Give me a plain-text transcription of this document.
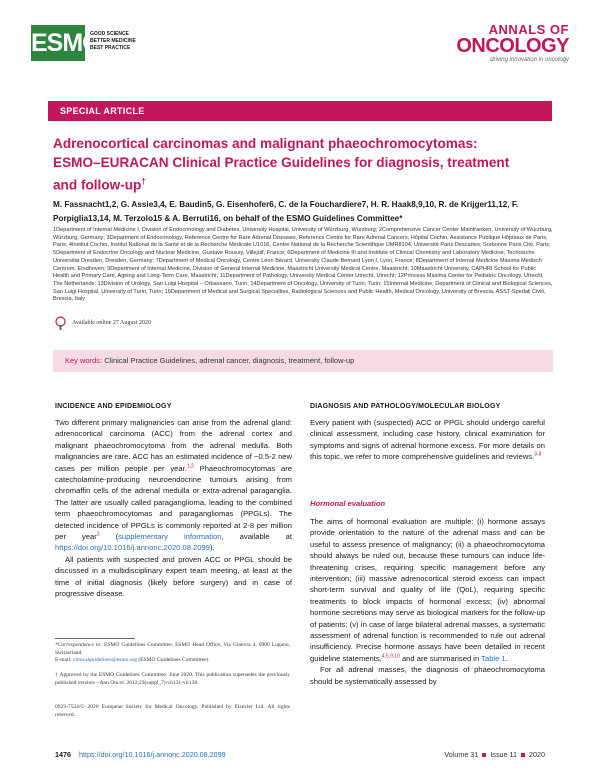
ESMO
GOOD SCIENCE
BETTER MEDICINE
BEST PRACTICE
ANNALS OF
ONCOLOGY
driving innovation in oncology
SPECIAL ARTICLE
Adrenocortical carcinomas and malignant phaeochromocytomas: ESMO–EURACAN Clinical Practice Guidelines for diagnosis, treatment and follow-up†
M. Fassnacht1,2, G. Assie3,4, E. Baudin5, G. Eisenhofer6, C. de la Fouchardiere7, H. R. Haak8,9,10, R. de Krijger11,12, F. Porpiglia13,14, M. Terzolo15 & A. Berruti16, on behalf of the ESMO Guidelines Committee*
1Department of Internal Medicine I, Division of Endocrinology and Diabetes, University Hospital, University of Würzburg, Würzburg; 2Comprehensive Cancer Center Mainfranken, University of Würzburg, Würzburg, Germany; 3Department of Endocrinology, Reference Centre for Rare Adrenal Diseases, Reference Centre for Rare Adrenal Cancers, Hôpital Cochin, Assistance Publique Hôpitaux de Paris, Paris; 4Institut Cochin, Institut National de la Santé et de la Recherche Médicale U1016, Centre National de la Recherche Scientifique UMR8104, Université Paris Descartes, Sorbonne Paris Cité, Paris; 5Department of Endocrine Oncology and Nuclear Medicine, Gustave Roussy, Villejuif, France; 6Department of Medicine III and Institute of Clinical Chemistry and Laboratory Medicine, Technische Universität Dresden, Dresden, Germany; 7Department of Medical Oncology, Centre Léon Bérard, University Claude Bernard Lyon I, Lyon, France; 8Department of Internal Medicine Máxima Medisch Centrum, Eindhoven; 9Department of Internal Medicine, Division of General Internal Medicine, Maastricht University Medical Centre, Maastricht; 10Maastricht University, CAPHRI School for Public Health and Primary Care, Ageing and Long-Term Care, Maastricht; 11Department of Pathology, University Medical Center Utrecht, Utrecht; 12Princess Máxima Center for Pediatric Oncology, Utrecht, The Netherlands; 13Division of Urology, San Luigi Hospital – Orbassano, Turin; 14Department of Oncology, University of Turin, Turin; 15Internal Medicine, Department of Clinical and Biological Sciences, San Luigi Hospital, University of Turin, Turin; 16Department of Medical and Surgical Specialties, Radiological Sciences and Public Health, Medical Oncology, University of Brescia, ASST-Spedali Civili, Brescia, Italy
Available online 27 August 2020
Key words: Clinical Practice Guidelines, adrenal cancer, diagnosis, treatment, follow-up
INCIDENCE AND EPIDEMIOLOGY

Two different primary malignancies can arise from the adrenal gland: adrenocortical carcinoma (ACC) from the adrenal cortex and malignant phaeochromocytoma from the adrenal medulla. Both malignancies are rare. ACC has an estimated incidence of ~0.5-2 new cases per million people per year.$^{1,2}$ Phaeochromocytomas are catecholamine-producing neuroendocrine tumours arising from chromaffin cells of the adrenal medulla or extra-adrenal paraganglia. The latter are usually called paraganglioma, leading to the combined term phaeochromocytomas and paragangliomas (PPGLs). The detected incidence of PPGLs is commonly reported at 2-8 per million per year$^3$ (supplementary information, available at https://doi.org/10.1016/j.annonc.2020.08.2099).

All patients with suspected and proven ACC or PPGL should be discussed in a multidisciplinary expert team meeting, at least at the time of initial diagnosis (likely before surgery) and in case of progressive disease.

*Correspondence to: ESMO Guidelines Committee, ESMO Head Office, Via Ginevra 4, 6900 Lugano, Switzerland
E-mail: clinicalguidelines@esmo.org (ESMO Guidelines Committee).
† Approved by the ESMO Guidelines Committee: June 2020. This publication supersedes the previously published version—Ann Oncol. 2012;23(suppl_7):vii131-vii138.
0923-7534/© 2020 European Society for Medical Oncology. Published by Elsevier Ltd. All rights reserved.
DIAGNOSIS AND PATHOLOGY/MOLECULAR BIOLOGY

Every patient with (suspected) ACC or PPGL should undergo careful clinical assessment, including case history, clinical examination for symptoms and signs of adrenal hormone excess. For more details on this topic, we refer to more comprehensive guidelines and reviews.$^{3-8}$

Hormonal evaluation

The aims of hormonal evaluation are multiple: (i) hormone assays provide orientation to the nature of the adrenal mass and can be useful to assess presence of malignancy; (ii) a phaeochromocytoma should always be ruled out, because these tumours can induce life-threatening crises, requiring specific management before any intervention; (iii) massive adrenocortical steroid excess can impact short-term survival and quality of life (QoL), requiring specific treatments to block impacts of hormonal excess; (iv) abnormal hormone secretions may serve as biological markers for the follow-up of patients; (v) in case of large bilateral adrenal masses, a systematic assessment of adrenal function is recommended to rule out adrenal insufficiency. Precise hormone assays have been detailed in recent guideline statements,$^{4,5,9,10}$ and are summarised in Table 1.

For all adrenal masses, the diagnosis of phaeochromocytoma should be systematically assessed by

1476 https://doi.org/10.1016/j.annonc.2020.08.2099	Volume 31 Issue 11 2020
